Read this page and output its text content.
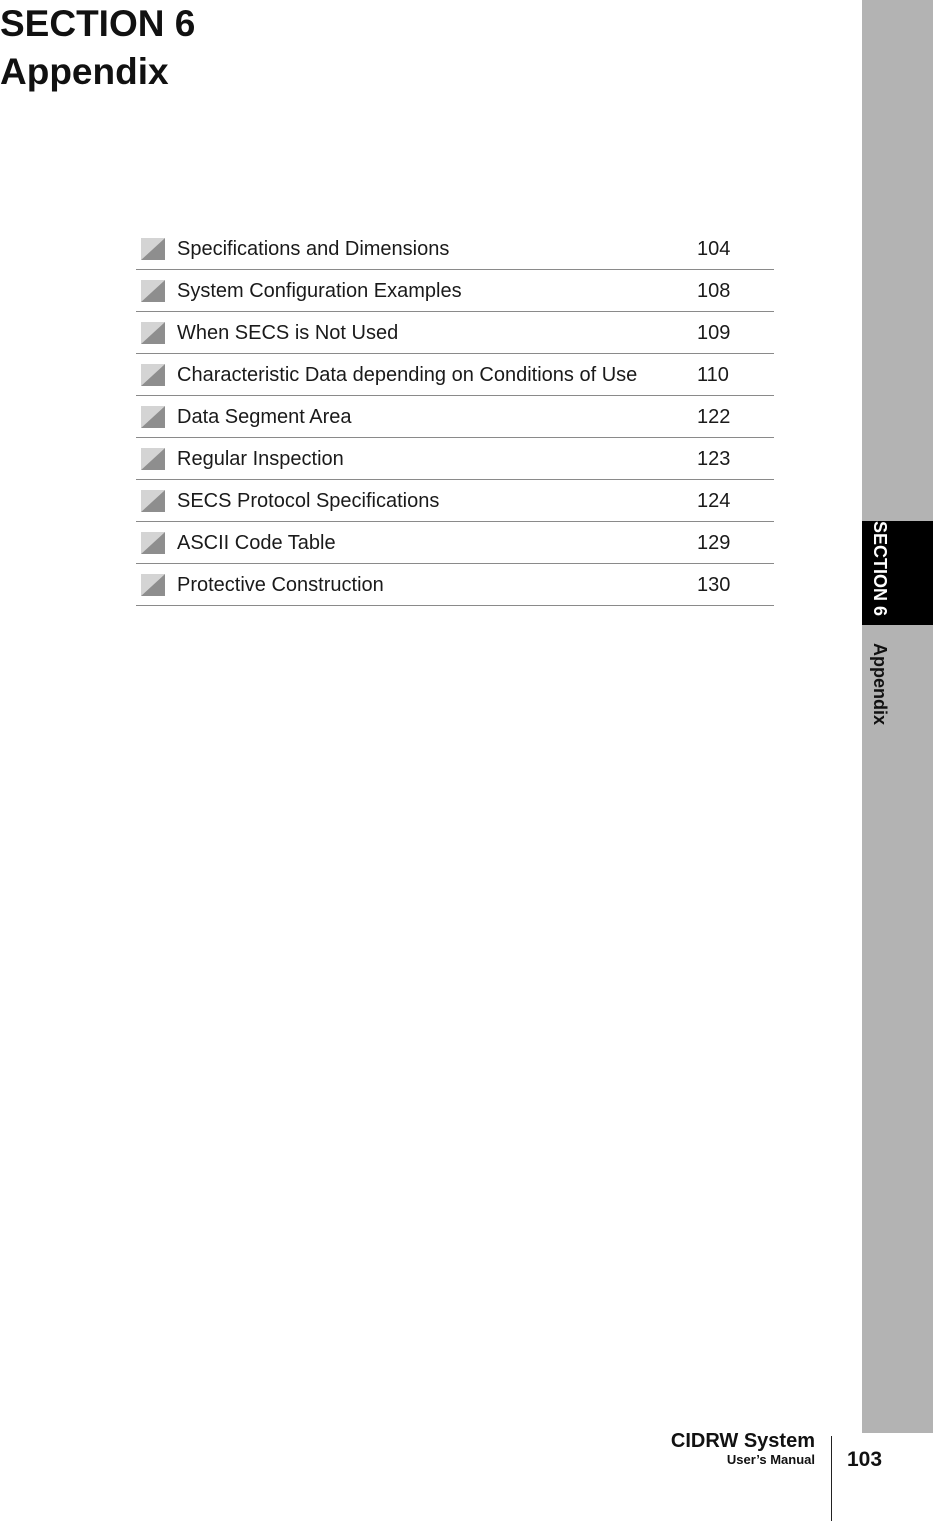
SECTION 6
Appendix
Specifications and Dimensions	104
System Configuration Examples	108
When SECS is Not Used	109
Characteristic Data depending on Conditions of Use	110
Data Segment Area	122
Regular Inspection	123
SECS Protocol Specifications	124
ASCII Code Table	129
Protective Construction	130	SECTION 6
Appendix
CIDRW System
User’s Manual 103
